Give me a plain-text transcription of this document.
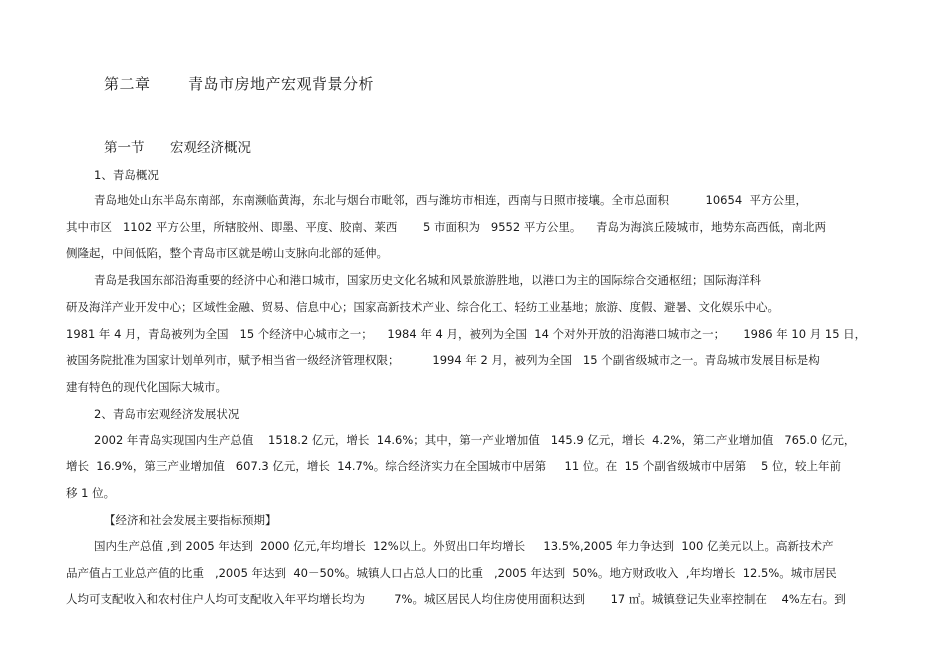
第二章 青岛市房地产宏观背景分析
第一节 宏观经济概况
1、青岛概况
青岛地处山东半岛东南部，东南濒临黄海，东北与烟台市毗邻，西与潍坊市相连，西南与日照市接壤。全市总面积          10654  平方公里，
其中市区   1102 平方公里，所辖胶州、即墨、平度、胶南、莱西       5 市面积为   9552 平方公里。    青岛为海滨丘陵城市，地势东高西低，南北两
侧隆起，中间低陷，整个青岛市区就是崂山支脉向北部的延伸。
青岛是我国东部沿海重要的经济中心和港口城市，国家历史文化名城和风景旅游胜地，以港口为主的国际综合交通枢纽；国际海洋科
研及海洋产业开发中心；区域性金融、贸易、信息中心；国家高新技术产业、综合化工、轻纺工业基地；旅游、度假、避暑、文化娱乐中心。
1981 年 4 月，青岛被列为全国   15 个经济中心城市之一；    1984 年 4 月，被列为全国  14 个对外开放的沿海港口城市之一；     1986 年 10 月 15 日，
被国务院批准为国家计划单列市，赋予相当省一级经济管理权限；         1994 年 2 月，被列为全国   15 个副省级城市之一。青岛城市发展目标是构
建有特色的现代化国际大城市。
2、青岛市宏观经济发展状况
2002 年青岛实现国内生产总值    1518.2 亿元，增长  14.6%；其中，第一产业增加值   145.9 亿元，增长  4.2%，第二产业增加值   765.0 亿元，
增长  16.9%，第三产业增加值   607.3 亿元，增长  14.7%。综合经济实力在全国城市中居第     11 位。在  15 个副省级城市中居第    5 位，较上年前
移 1 位。
【经济和社会发展主要指标预期】
国内生产总值 ,到 2005 年达到  2000 亿元,年均增长  12%以上。外贸出口年均增长     13.5%,2005 年力争达到  100 亿美元以上。高新技术产
品产值占工业总产值的比重   ,2005 年达到  40－50%。城镇人口占总人口的比重   ,2005 年达到  50%。地方财政收入  ,年均增长  12.5%。城市居民
人均可支配收入和农村住户人均可支配收入年平均增长均为        7%。城区居民人均住房使用面积达到       17 ㎡。城镇登记失业率控制在    4%左右。到
